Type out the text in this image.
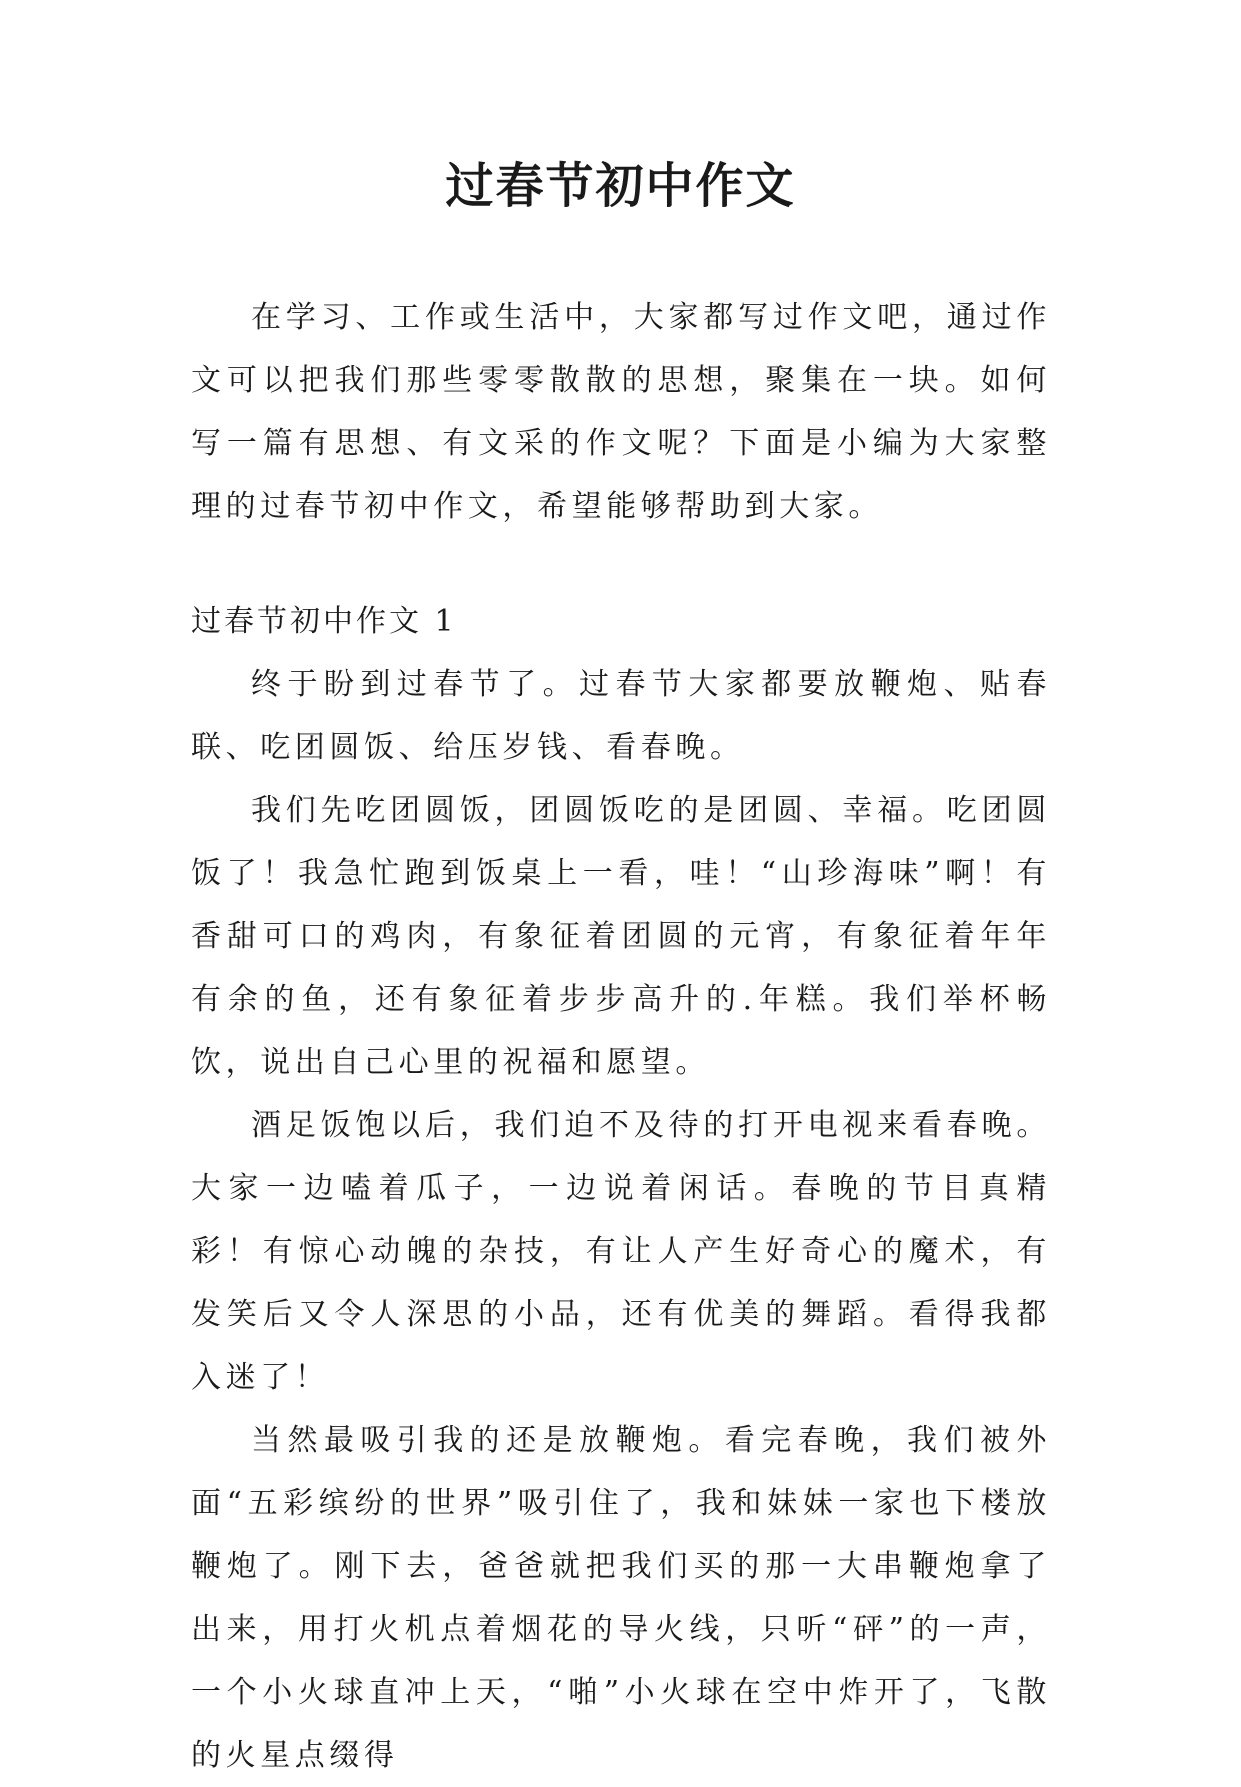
过春节初中作文

在学习、工作或生活中，大家都写过作文吧，通过作文可以把我们那些零零散散的思想，聚集在一块。如何写一篇有思想、有文采的作文呢？下面是小编为大家整理的过春节初中作文，希望能够帮助到大家。

过春节初中作文 1

终于盼到过春节了。过春节大家都要放鞭炮、贴春联、吃团圆饭、给压岁钱、看春晚。

我们先吃团圆饭，团圆饭吃的是团圆、幸福。吃团圆饭了！我急忙跑到饭桌上一看，哇！“山珍海味”啊！有香甜可口的鸡肉，有象征着团圆的元宵，有象征着年年有余的鱼，还有象征着步步高升的.年糕。我们举杯畅饮，说出自己心里的祝福和愿望。

酒足饭饱以后，我们迫不及待的打开电视来看春晚。大家一边嗑着瓜子，一边说着闲话。春晚的节目真精彩！有惊心动魄的杂技，有让人产生好奇心的魔术，有发笑后又令人深思的小品，还有优美的舞蹈。看得我都入迷了！

当然最吸引我的还是放鞭炮。看完春晚，我们被外面“五彩缤纷的世界”吸引住了，我和妹妹一家也下楼放鞭炮了。刚下去，爸爸就把我们买的那一大串鞭炮拿了出来，用打火机点着烟花的导火线，只听“砰”的一声，一个小火球直冲上天，“啪”小火球在空中炸开了，飞散的火星点缀得
